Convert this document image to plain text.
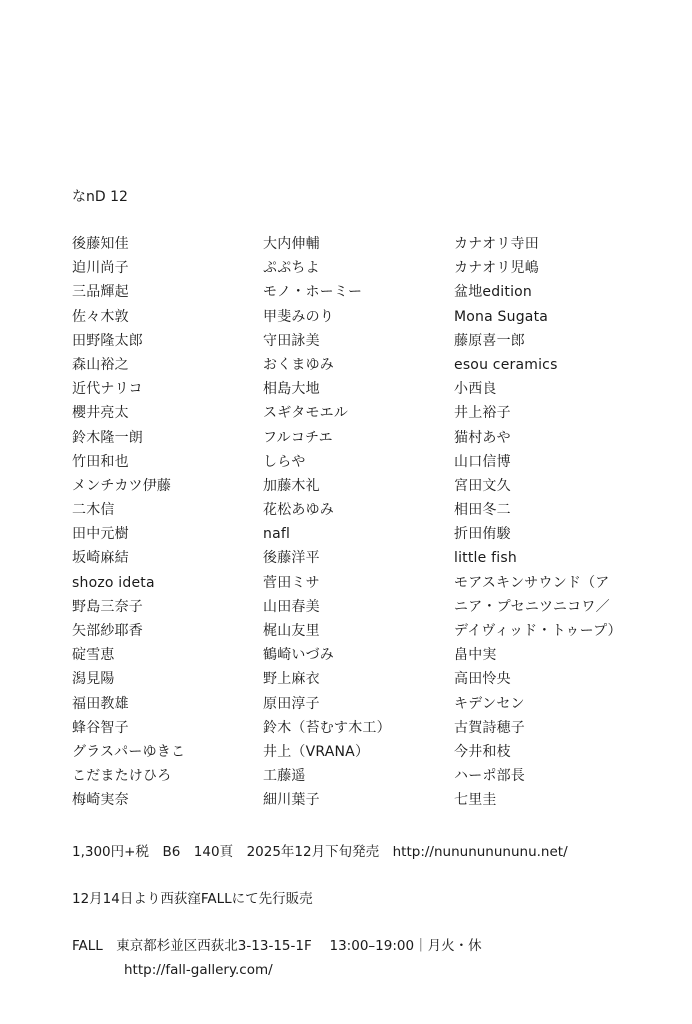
なnD 12
後藤知佳
迫川尚子
三品輝起
佐々木敦
田野隆太郎
森山裕之
近代ナリコ
櫻井亮太
鈴木隆一朗
竹田和也
メンチカツ伊藤
二木信
田中元樹
坂崎麻結
shozo ideta
野島三奈子
矢部紗耶香
碇雪恵
潟見陽
福田教雄
蜂谷智子
グラスパーゆきこ
こだまたけひろ
梅崎実奈
大内伸輔
ぷぷちよ
モノ・ホーミー
甲斐みのり
守田詠美
おくまゆみ
相島大地
スギタモエル
フルコチエ
しらや
加藤木礼
花松あゆみ
nafl
後藤洋平
菅田ミサ
山田春美
梶山友里
鶴崎いづみ
野上麻衣
原田淳子
鈴木（苔むす木工）
井上（VRANA）
工藤遥
細川葉子
カナオリ寺田
カナオリ児嶋
盆地edition
Mona Sugata
藤原喜一郎
esou ceramics
小西良
井上裕子
猫村あや
山口信博
宮田文久
相田冬二
折田侑駿
little fish
モアスキンサウンド（ア
ニア・プセニツニコワ／
デイヴィッド・トゥープ）
畠中実
高田怜央
キデンセン
古賀詩穂子
今井和枝
ハーポ部長
七里圭
1,300円+税　B6　140頁　2025年12月下旬発売　http://nunununununu.net/
12月14日より西荻窪FALLにて先行販売
FALL　東京都杉並区西荻北3-13-15-1F　 13:00–19:00｜月火・休
http://fall-gallery.com/
